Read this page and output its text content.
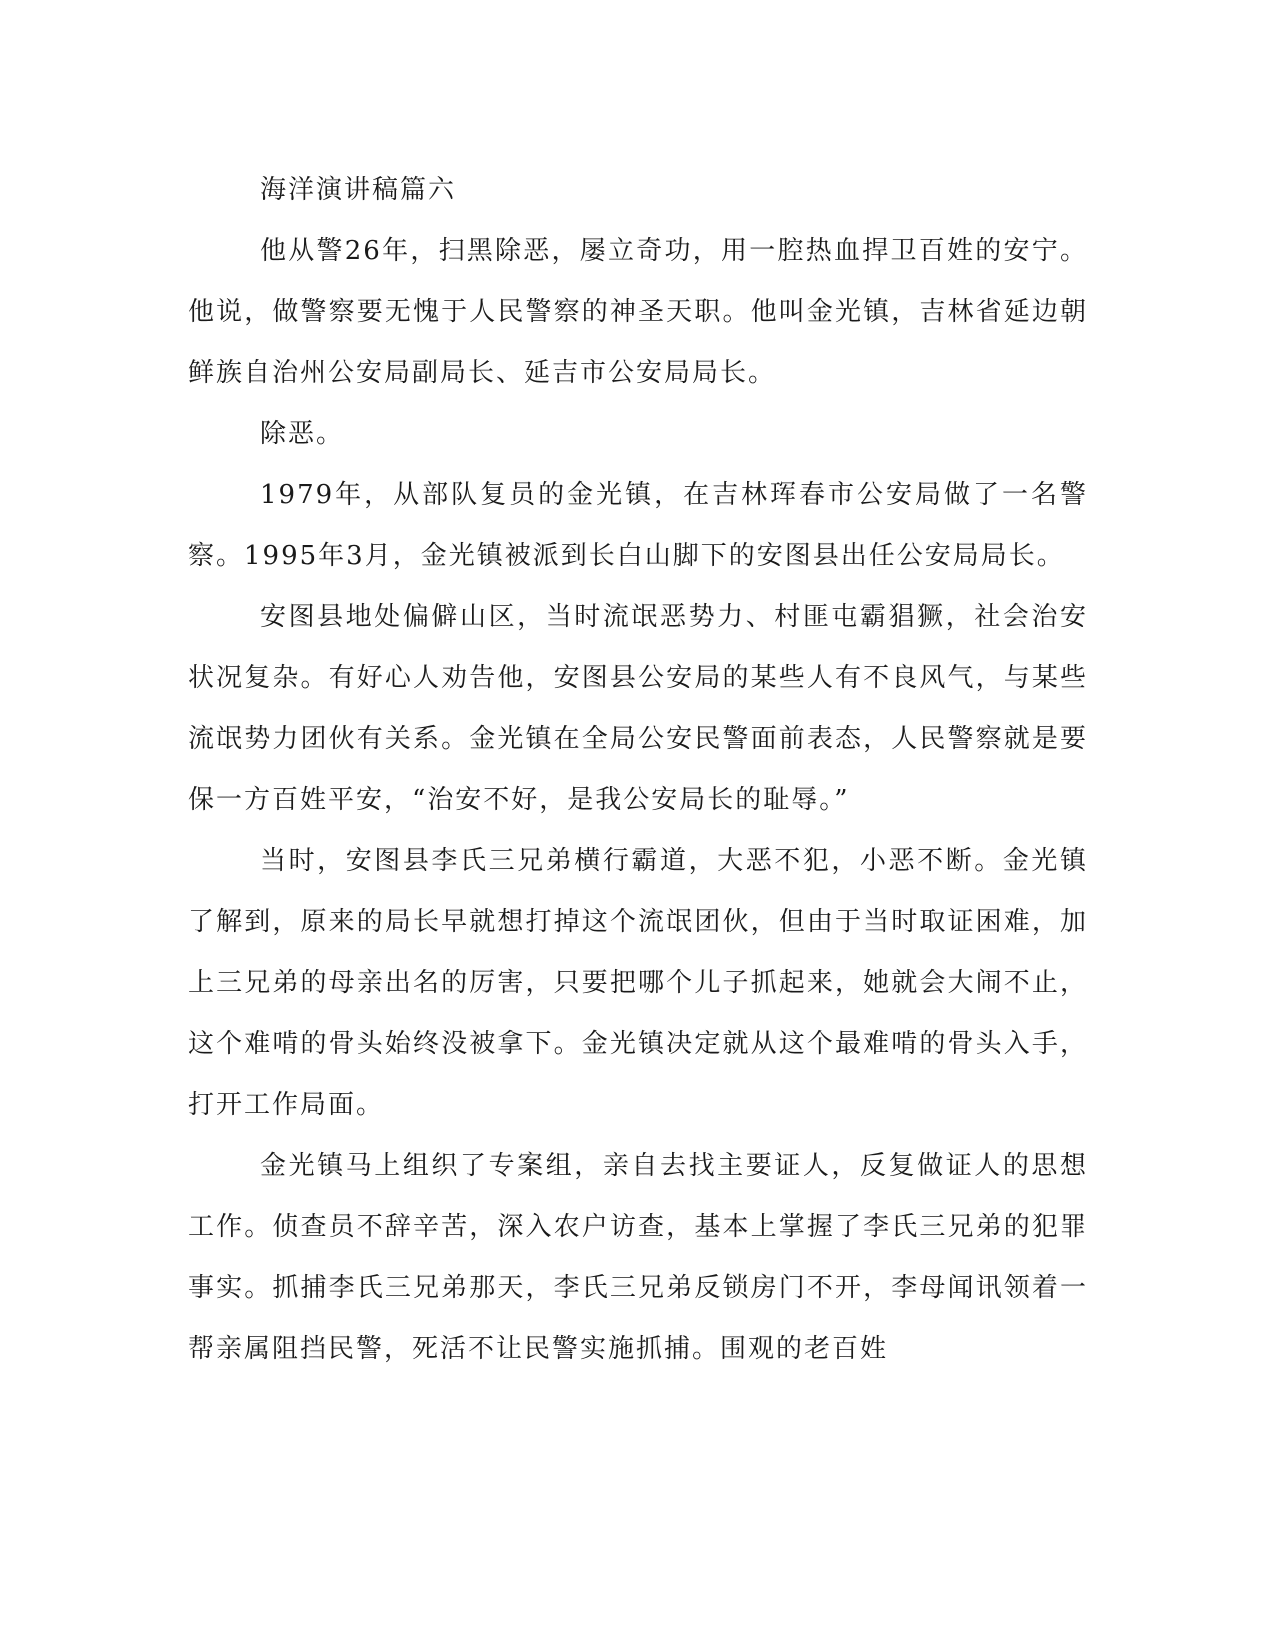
海洋演讲稿篇六

他从警26年，扫黑除恶，屡立奇功，用一腔热血捍卫百姓的安宁。他说，做警察要无愧于人民警察的神圣天职。他叫金光镇，吉林省延边朝鲜族自治州公安局副局长、延吉市公安局局长。

除恶。

1979年，从部队复员的金光镇，在吉林珲春市公安局做了一名警察。1995年3月，金光镇被派到长白山脚下的安图县出任公安局局长。

安图县地处偏僻山区，当时流氓恶势力、村匪屯霸猖獗，社会治安状况复杂。有好心人劝告他，安图县公安局的某些人有不良风气，与某些流氓势力团伙有关系。金光镇在全局公安民警面前表态，人民警察就是要保一方百姓平安，“治安不好，是我公安局长的耻辱。”

当时，安图县李氏三兄弟横行霸道，大恶不犯，小恶不断。金光镇了解到，原来的局长早就想打掉这个流氓团伙，但由于当时取证困难，加上三兄弟的母亲出名的厉害，只要把哪个儿子抓起来，她就会大闹不止，这个难啃的骨头始终没被拿下。金光镇决定就从这个最难啃的骨头入手，打开工作局面。

金光镇马上组织了专案组，亲自去找主要证人，反复做证人的思想工作。侦查员不辞辛苦，深入农户访查，基本上掌握了李氏三兄弟的犯罪事实。抓捕李氏三兄弟那天，李氏三兄弟反锁房门不开，李母闻讯领着一帮亲属阻挡民警，死活不让民警实施抓捕。围观的老百姓
